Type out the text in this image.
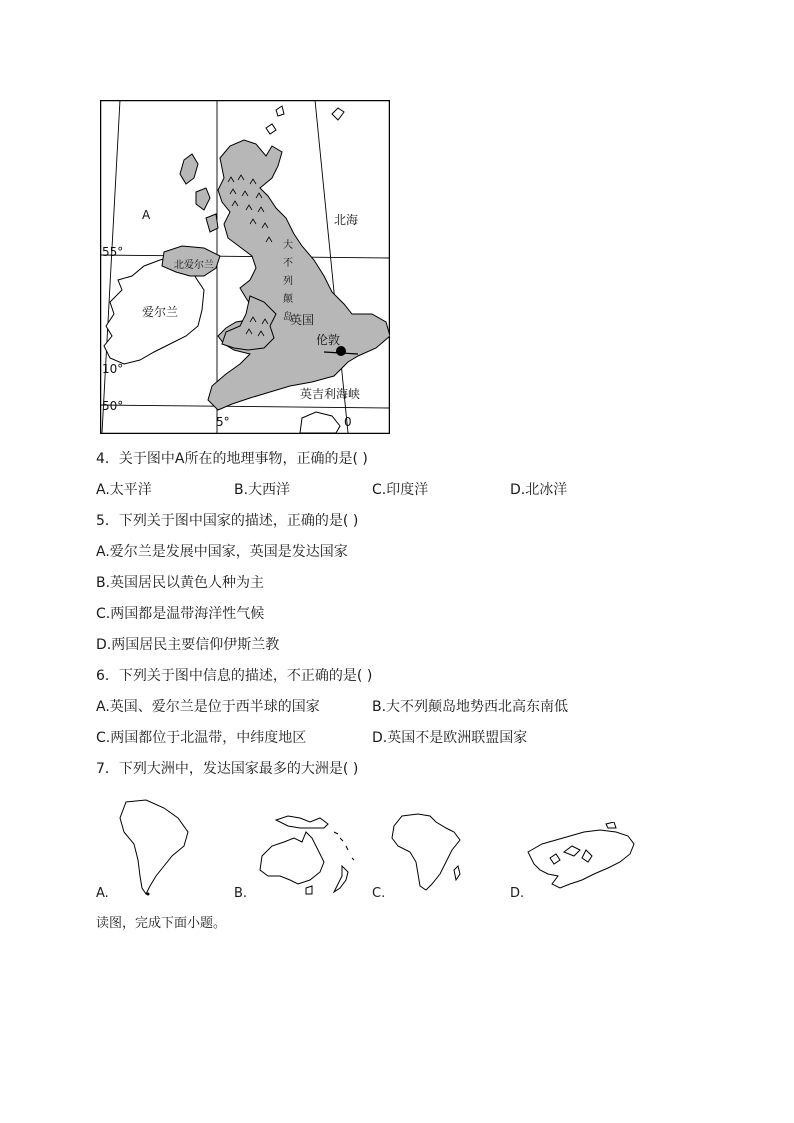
A	北海
55°
北爱尔兰
爱尔兰
大
不
列
颠
岛
英国
伦敦
10°
50°
5°
英吉利海峡
0
4．关于图中A所在的地理事物，正确的是( )
A.太平洋	B.大西洋	C.印度洋	D.北冰洋
5．下列关于图中国家的描述，正确的是( )
A.爱尔兰是发展中国家，英国是发达国家
B.英国居民以黄色人种为主
C.两国都是温带海洋性气候
D.两国居民主要信仰伊斯兰教
6．下列关于图中信息的描述，不正确的是( )
A.英国、爱尔兰是位于西半球的国家	B.大不列颠岛地势西北高东南低
C.两国都位于北温带，中纬度地区	D.英国不是欧洲联盟国家
7．下列大洲中，发达国家最多的大洲是( )
A.	B.	C.	D.
读图，完成下面小题。
